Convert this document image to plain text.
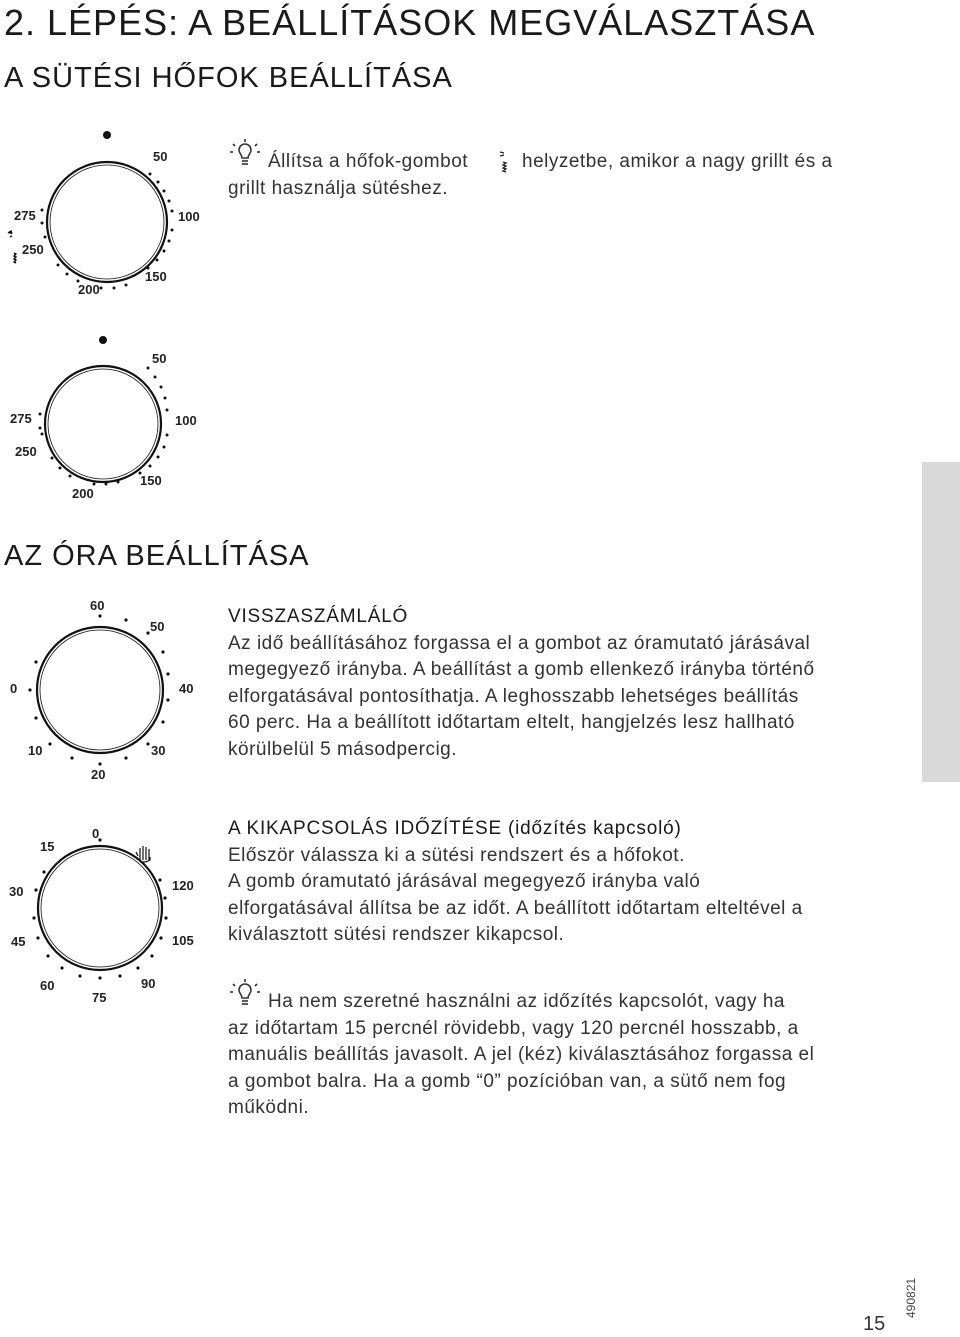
2. LÉPÉS: A BEÁLLÍTÁSOK MEGVÁLASZTÁSA
A SÜTÉSI HŐFOK BEÁLLÍTÁSA
50
100
150
200
250
275
Állítsa a hőfok-gombot	helyzetbe, amikor a nagy grillt és a
grillt használja sütéshez.
50
100
150
200
250
275
AZ ÓRA BEÁLLÍTÁSA
60
50
40
30
20
10
0
VISSZASZÁMLÁLÓ
Az idő beállításához forgassa el a gombot az óramutató járásával
megegyező irányba. A beállítást a gomb ellenkező irányba történő
elforgatásával pontosíthatja. A leghosszabb lehetséges beállítás
60 perc. Ha a beállított időtartam eltelt, hangjelzés lesz hallható
körülbelül 5 másodpercig.
0
15
30
45
60
75
90
105
120
A KIKAPCSOLÁS IDŐZÍTÉSE (időzítés kapcsoló)
Először válassza ki a sütési rendszert és a hőfokot.
A gomb óramutató járásával megegyező irányba való
elforgatásával állítsa be az időt. A beállított időtartam elteltével a
kiválasztott sütési rendszer kikapcsol.
Ha nem szeretné használni az időzítés kapcsolót, vagy ha
az időtartam 15 percnél rövidebb, vagy 120 percnél hosszabb, a
manuális beállítás javasolt. A jel (kéz) kiválasztásához forgassa el
a gombot balra. Ha a gomb “0” pozícióban van, a sütő nem fog
működni.
15
490821
